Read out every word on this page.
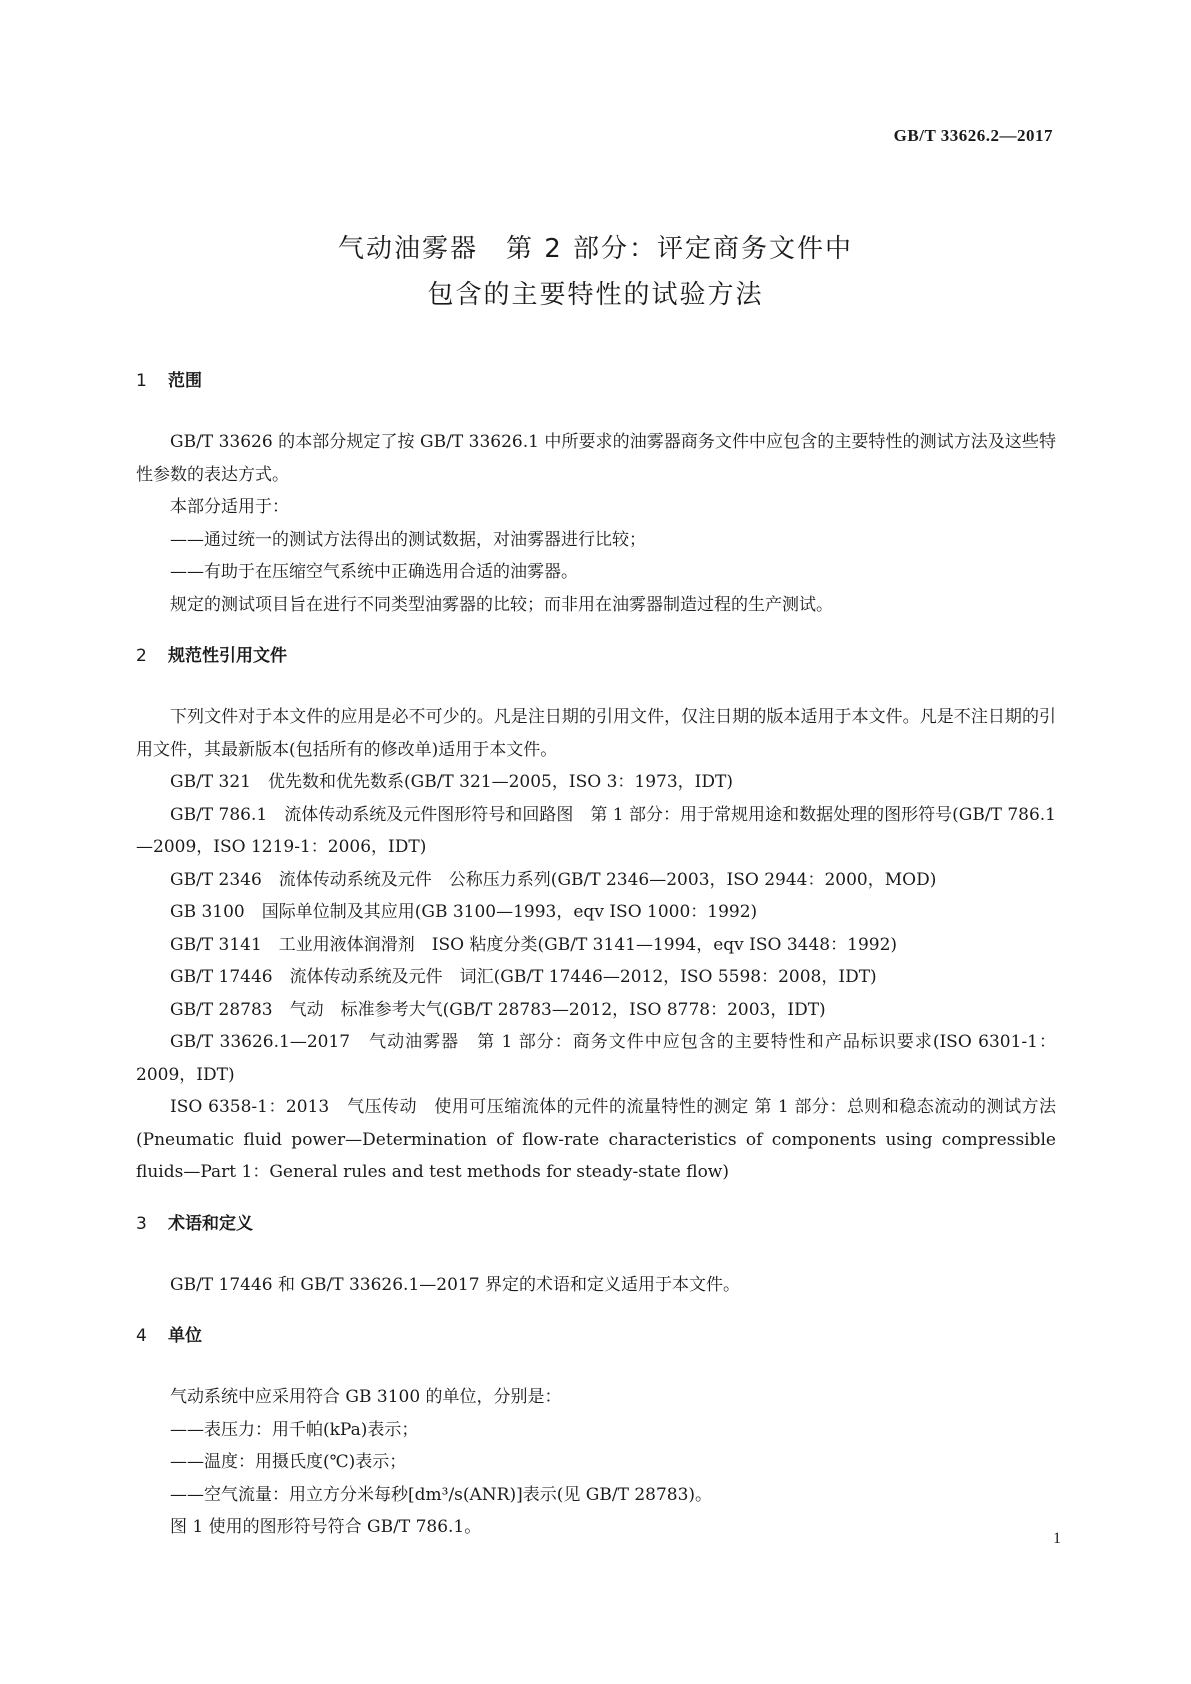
GB/T 33626.2—2017
气动油雾器　第 2 部分：评定商务文件中
包含的主要特性的试验方法
1 范围

GB/T 33626 的本部分规定了按 GB/T 33626.1 中所要求的油雾器商务文件中应包含的主要特性的测试方法及这些特性参数的表达方式。

本部分适用于：

——通过统一的测试方法得出的测试数据，对油雾器进行比较；

——有助于在压缩空气系统中正确选用合适的油雾器。

规定的测试项目旨在进行不同类型油雾器的比较；而非用在油雾器制造过程的生产测试。

2 规范性引用文件

下列文件对于本文件的应用是必不可少的。凡是注日期的引用文件，仅注日期的版本适用于本文件。凡是不注日期的引用文件，其最新版本(包括所有的修改单)适用于本文件。

GB/T 321　优先数和优先数系(GB/T 321—2005，ISO 3：1973，IDT)

GB/T 786.1　流体传动系统及元件图形符号和回路图　第 1 部分：用于常规用途和数据处理的图形符号(GB/T 786.1—2009，ISO 1219-1：2006，IDT)

GB/T 2346　流体传动系统及元件　公称压力系列(GB/T 2346—2003，ISO 2944：2000，MOD)

GB 3100　国际单位制及其应用(GB 3100—1993，eqv ISO 1000：1992)

GB/T 3141　工业用液体润滑剂　ISO 粘度分类(GB/T 3141—1994，eqv ISO 3448：1992)

GB/T 17446　流体传动系统及元件　词汇(GB/T 17446—2012，ISO 5598：2008，IDT)

GB/T 28783　气动　标准参考大气(GB/T 28783—2012，ISO 8778：2003，IDT)

GB/T 33626.1—2017　气动油雾器　第 1 部分：商务文件中应包含的主要特性和产品标识要求(ISO 6301-1：2009，IDT)

ISO 6358-1：2013　气压传动　使用可压缩流体的元件的流量特性的测定 第 1 部分：总则和稳态流动的测试方法(Pneumatic fluid power—Determination of flow-rate characteristics of components using compressible fluids—Part 1：General rules and test methods for steady-state flow)

3 术语和定义

GB/T 17446 和 GB/T 33626.1—2017 界定的术语和定义适用于本文件。

4 单位

气动系统中应采用符合 GB 3100 的单位，分别是：

——表压力：用千帕(kPa)表示；

——温度：用摄氏度(℃)表示；

——空气流量：用立方分米每秒[dm³/s(ANR)]表示(见 GB/T 28783)。

图 1 使用的图形符号符合 GB/T 786.1。

1
